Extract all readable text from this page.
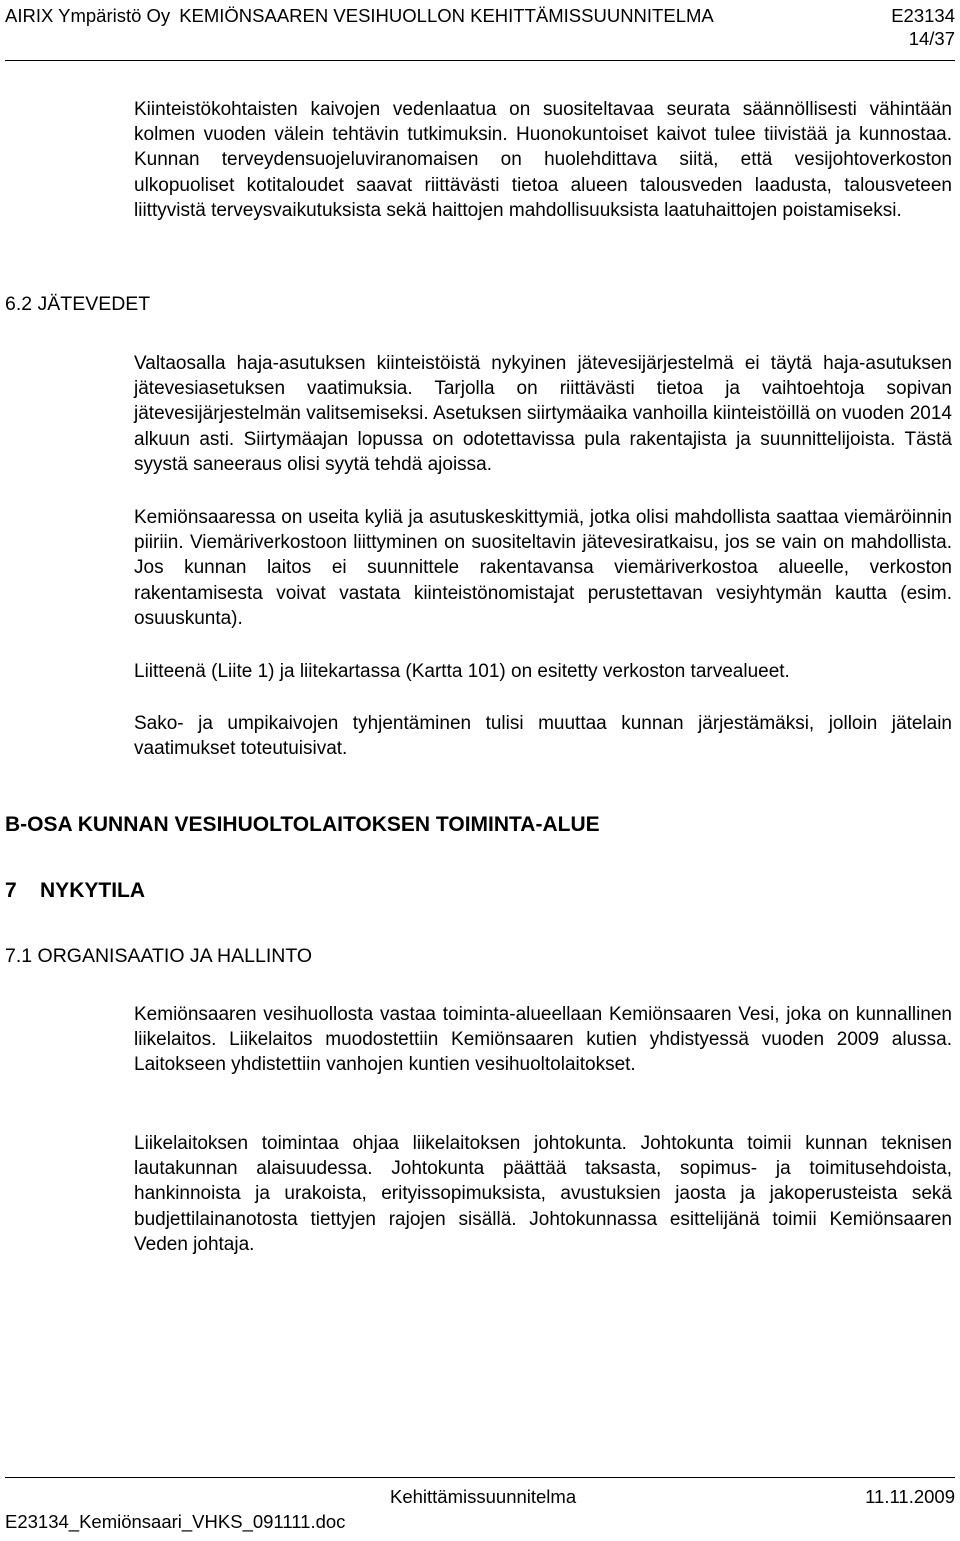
AIRIX Ympäristö Oy KEMIÖNSAAREN VESIHUOLLON KEHITTÄMISSUUNNITELMA	E23134
14/37

Kiinteistökohtaisten kaivojen vedenlaatua on suositeltavaa seurata säännöllisesti vähintään kolmen vuoden välein tehtävin tutkimuksin. Huonokuntoiset kaivot tulee tiivistää ja kunnostaa. Kunnan terveydensuojeluviranomaisen on huolehdittava siitä, että vesijohtoverkoston ulkopuoliset kotitaloudet saavat riittävästi tietoa alueen talousveden laadusta, talousveteen liittyvistä terveysvaikutuksista sekä haittojen mahdollisuuksista laatuhaittojen poistamiseksi.

6.2 JÄTEVEDET

Valtaosalla haja-asutuksen kiinteistöistä nykyinen jätevesijärjestelmä ei täytä haja-asutuksen jätevesiasetuksen vaatimuksia. Tarjolla on riittävästi tietoa ja vaihtoehtoja sopivan jätevesijärjestelmän valitsemiseksi. Asetuksen siirtymäaika vanhoilla kiinteistöillä on vuoden 2014 alkuun asti. Siirtymäajan lopussa on odotettavissa pula rakentajista ja suunnittelijoista. Tästä syystä saneeraus olisi syytä tehdä ajoissa.

Kemiönsaaressa on useita kyliä ja asutuskeskittymiä, jotka olisi mahdollista saattaa viemäröinnin piiriin. Viemäriverkostoon liittyminen on suositeltavin jätevesiratkaisu, jos se vain on mahdollista. Jos kunnan laitos ei suunnittele rakentavansa viemäriverkostoa alueelle, verkoston rakentamisesta voivat vastata kiinteistönomistajat perustettavan vesiyhtymän kautta (esim. osuuskunta).

Liitteenä (Liite 1) ja liitekartassa (Kartta 101) on esitetty verkoston tarvealueet.

Sako- ja umpikaivojen tyhjentäminen tulisi muuttaa kunnan järjestämäksi, jolloin jätelain vaatimukset toteutuisivat.

B-OSA KUNNAN VESIHUOLTOLAITOKSEN TOIMINTA-ALUE
7    NYKYTILA
7.1 ORGANISAATIO JA HALLINTO

Kemiönsaaren vesihuollosta vastaa toiminta-alueellaan Kemiönsaaren Vesi, joka on kunnallinen liikelaitos. Liikelaitos muodostettiin Kemiönsaaren kutien yhdistyessä vuoden 2009 alussa. Laitokseen yhdistettiin vanhojen kuntien vesihuoltolaitokset.

Liikelaitoksen toimintaa ohjaa liikelaitoksen johtokunta. Johtokunta toimii kunnan teknisen lautakunnan alaisuudessa. Johtokunta päättää taksasta, sopimus- ja toimitusehdoista, hankinnoista ja urakoista, erityissopimuksista, avustuksien jaosta ja jakoperusteista sekä budjettilainanotosta tiettyjen rajojen sisällä. Johtokunnassa esittelijänä toimii Kemiönsaaren Veden johtaja.

Kehittämissuunnitelma	11.11.2009
E23134_Kemiönsaari_VHKS_091111.doc
